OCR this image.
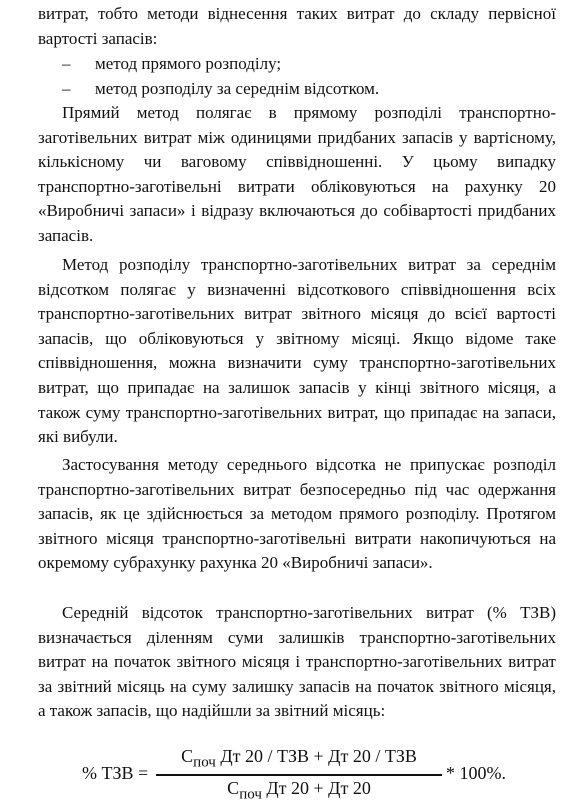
витрат, тобто методи віднесення таких витрат до складу первісної вартості запасів:

– метод прямого розподілу;
– метод розподілу за середнім відсотком.

Прямий метод полягає в прямому розподілі транспортно-заготівельних витрат між одиницями придбаних запасів у вартісному, кількісному чи ваговому співвідношенні. У цьому випадку транспортно-заготівельні витрати обліковуються на рахунку 20 «Виробничі запаси» і відразу включаються до собівартості придбаних запасів.

Метод розподілу транспортно-заготівельних витрат за середнім відсотком полягає у визначенні відсоткового співвідношення всіх транспортно-заготівельних витрат звітного місяця до всієї вартості запасів, що обліковуються у звітному місяці. Якщо відоме таке співвідношення, можна визначити суму транспортно-заготівельних витрат, що припадає на залишок запасів у кінці звітного місяця, а також суму транспортно-заготівельних витрат, що припадає на запаси, які вибули.

Застосування методу середнього відсотка не припускає розподіл транспортно-заготівельних витрат безпосередньо під час одержання запасів, як це здійснюється за методом прямого розподілу. Протягом звітного місяця транспортно-заготівельні витрати накопичуються на окремому субрахунку рахунка 20 «Виробничі запаси».

Середній відсоток транспортно-заготівельних витрат (% ТЗВ) визначається діленням суми залишків транспортно-заготівельних витрат на початок звітного місяця і транспортно-заготівельних витрат за звітний місяць на суму залишку запасів на початок звітного місяця, а також запасів, що надійшли за звітний місяць:

% ТЗВ =
$С_{поч}$ Дт 20 / ТЗВ + Дт 20 / ТЗВ
$С_{поч}$ Дт 20 + Дт 20
* 100%.
